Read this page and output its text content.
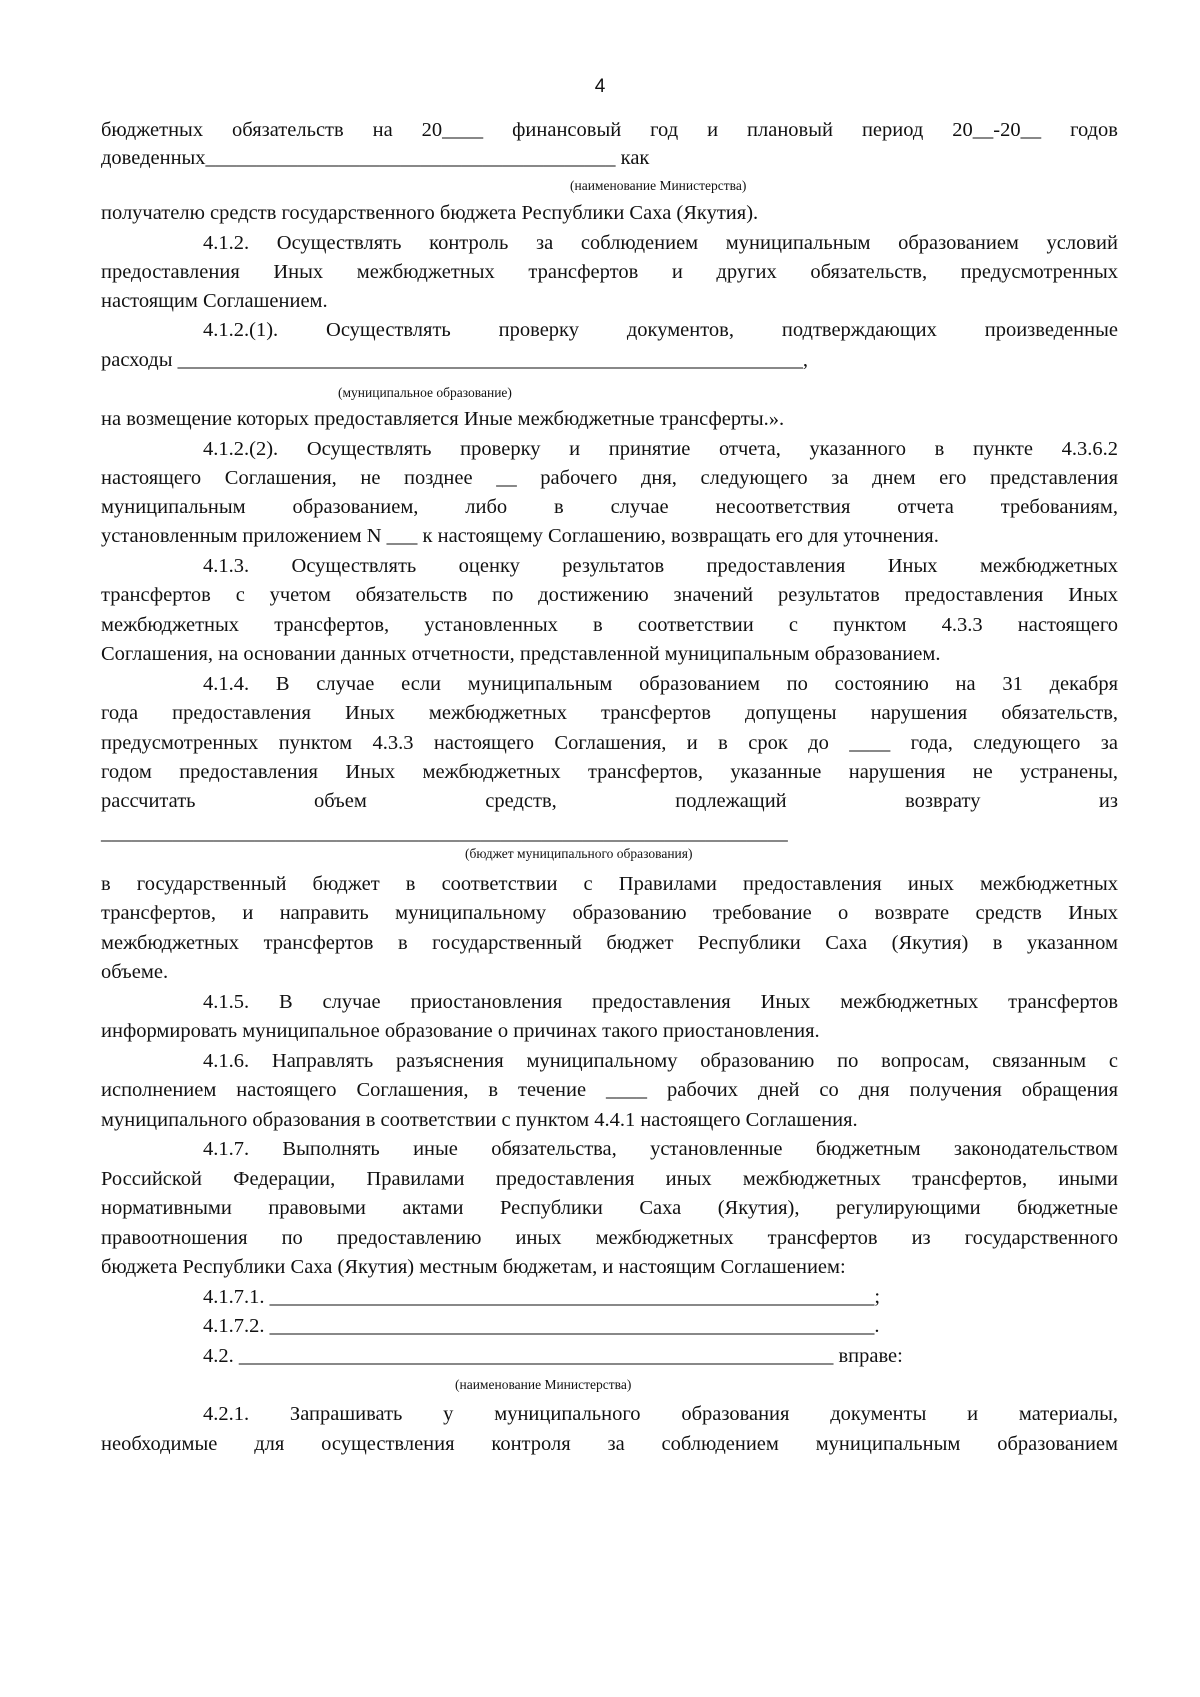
4
бюджетных обязательств на 20____ финансовый год и плановый период 20__-20__ годов
доведенных________________________________________ как
(наименование Министерства)
получателю средств государственного бюджета Республики Саха (Якутия).
4.1.2. Осуществлять контроль за соблюдением муниципальным образованием условий
предоставления Иных межбюджетных трансфертов и других обязательств, предусмотренных
настоящим Соглашением.
4.1.2.(1). Осуществлять проверку документов, подтверждающих произведенные
расходы _____________________________________________________________,
(муниципальное образование)
на возмещение которых предоставляется Иные межбюджетные трансферты.».
4.1.2.(2). Осуществлять проверку и принятие отчета, указанного в пункте 4.3.6.2
настоящего Соглашения, не позднее __ рабочего дня, следующего за днем его представления
муниципальным образованием, либо в случае несоответствия отчета требованиям,
установленным приложением N ___ к настоящему Соглашению, возвращать его для уточнения.
4.1.3. Осуществлять оценку результатов предоставления Иных межбюджетных
трансфертов с учетом обязательств по достижению значений результатов предоставления Иных
межбюджетных трансфертов, установленных в соответствии с пунктом 4.3.3 настоящего
Соглашения, на основании данных отчетности, представленной муниципальным образованием.
4.1.4. В случае если муниципальным образованием по состоянию на 31 декабря
года предоставления Иных межбюджетных трансфертов допущены нарушения обязательств,
предусмотренных пунктом 4.3.3 настоящего Соглашения, и в срок до ____ года, следующего за
годом предоставления Иных межбюджетных трансфертов, указанные нарушения не устранены,
рассчитать объем средств, подлежащий возврату из
___________________________________________________________________
(бюджет муниципального образования)
в государственный бюджет в соответствии с Правилами предоставления иных межбюджетных
трансфертов, и направить муниципальному образованию требование о возврате средств Иных
межбюджетных трансфертов в государственный бюджет Республики Саха (Якутия) в указанном
объеме.
4.1.5. В случае приостановления предоставления Иных межбюджетных трансфертов
информировать муниципальное образование о причинах такого приостановления.
4.1.6. Направлять разъяснения муниципальному образованию по вопросам, связанным с
исполнением настоящего Соглашения, в течение ____ рабочих дней со дня получения обращения
муниципального образования в соответствии с пунктом 4.4.1 настоящего Соглашения.
4.1.7. Выполнять иные обязательства, установленные бюджетным законодательством
Российской Федерации, Правилами предоставления иных межбюджетных трансфертов, иными
нормативными правовыми актами Республики Саха (Якутия), регулирующими бюджетные
правоотношения по предоставлению иных межбюджетных трансфертов из государственного
бюджета Республики Саха (Якутия) местным бюджетам, и настоящим Соглашением:
4.1.7.1. ___________________________________________________________;
4.1.7.2. ___________________________________________________________.
4.2. __________________________________________________________ вправе:
(наименование Министерства)
4.2.1. Запрашивать у муниципального образования документы и материалы,
необходимые для осуществления контроля за соблюдением муниципальным образованием
